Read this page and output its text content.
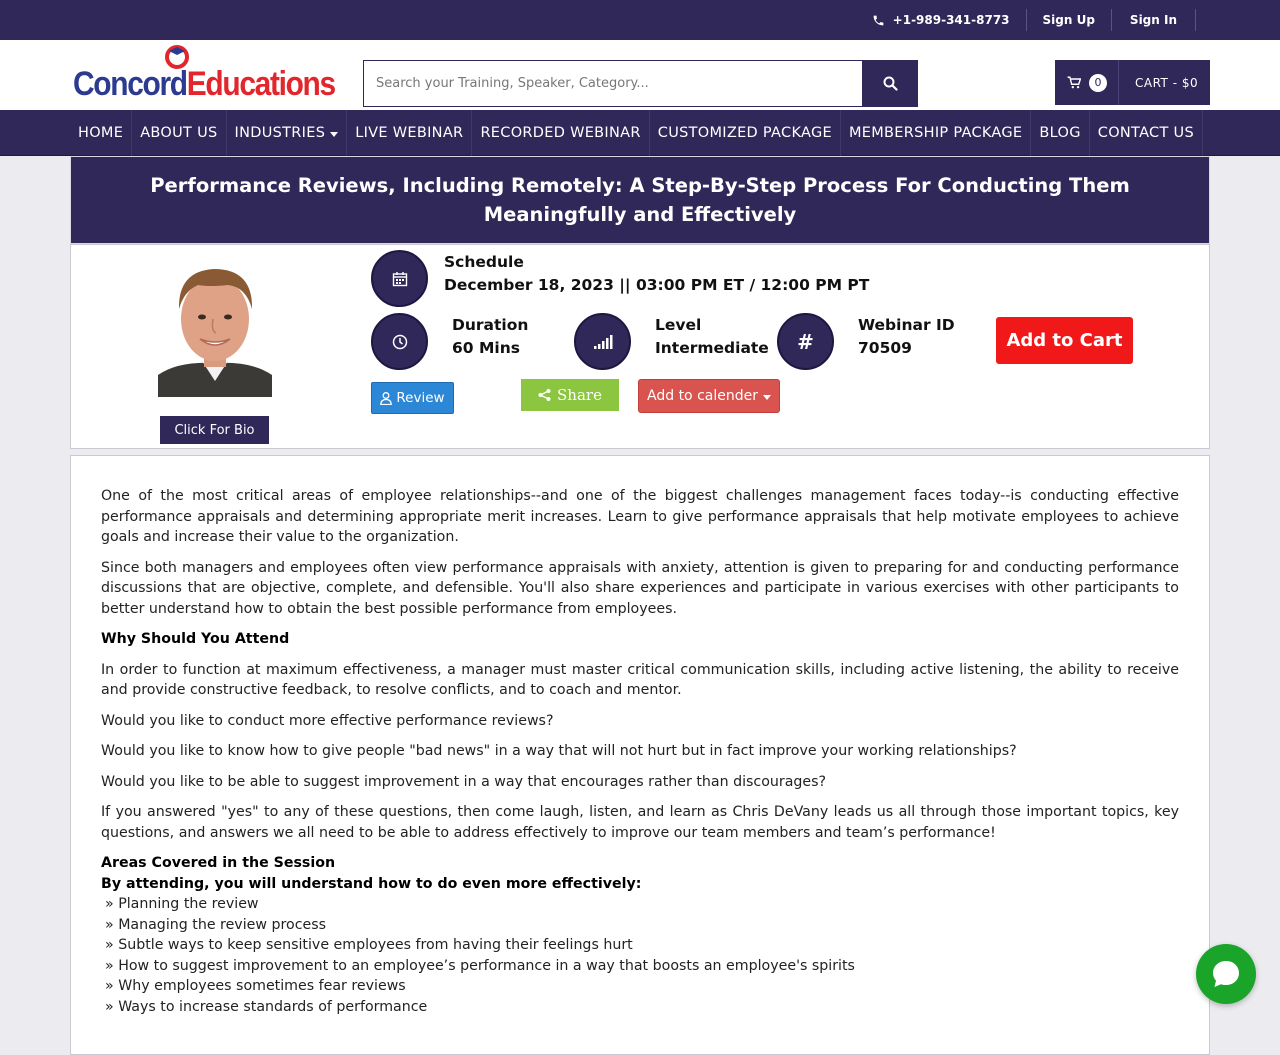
+1-989-341-8773	Sign Up	Sign In
ConcordEducations
Search your Training, Speaker, Category...	0	CART - $0
HOME	ABOUT US	INDUSTRIES	LIVE WEBINAR	RECORDED WEBINAR	CUSTOMIZED PACKAGE	MEMBERSHIP PACKAGE	BLOG	CONTACT US
Performance Reviews, Including Remotely: A Step-By-Step Process For Conducting Them Meaningfully and Effectively
Click For Bio
Schedule
December 18, 2023 || 03:00 PM ET / 12:00 PM PT
Duration
60 Mins
Level
Intermediate #
Webinar ID
70509	Add to Cart
Review	Share	Add to calender

One of the most critical areas of employee relationships--and one of the biggest challenges management faces today--is conducting effective performance appraisals and determining appropriate merit increases. Learn to give performance appraisals that help motivate employees to achieve goals and increase their value to the organization.

Since both managers and employees often view performance appraisals with anxiety, attention is given to preparing for and conducting performance discussions that are objective, complete, and defensible. You'll also share experiences and participate in various exercises with other participants to better understand how to obtain the best possible performance from employees.

Why Should You Attend

In order to function at maximum effectiveness, a manager must master critical communication skills, including active listening, the ability to receive and provide constructive feedback, to resolve conflicts, and to coach and mentor.

Would you like to conduct more effective performance reviews?

Would you like to know how to give people "bad news" in a way that will not hurt but in fact improve your working relationships?

Would you like to be able to suggest improvement in a way that encourages rather than discourages?

If you answered "yes" to any of these questions, then come laugh, listen, and learn as Chris DeVany leads us all through those important topics, key questions, and answers we all need to be able to address effectively to improve our team members and team’s performance!

Areas Covered in the Session
By attending, you will understand how to do even more effectively:
» Planning the review
» Managing the review process
» Subtle ways to keep sensitive employees from having their feelings hurt
» How to suggest improvement to an employee’s performance in a way that boosts an employee's spirits
» Why employees sometimes fear reviews
» Ways to increase standards of performance
